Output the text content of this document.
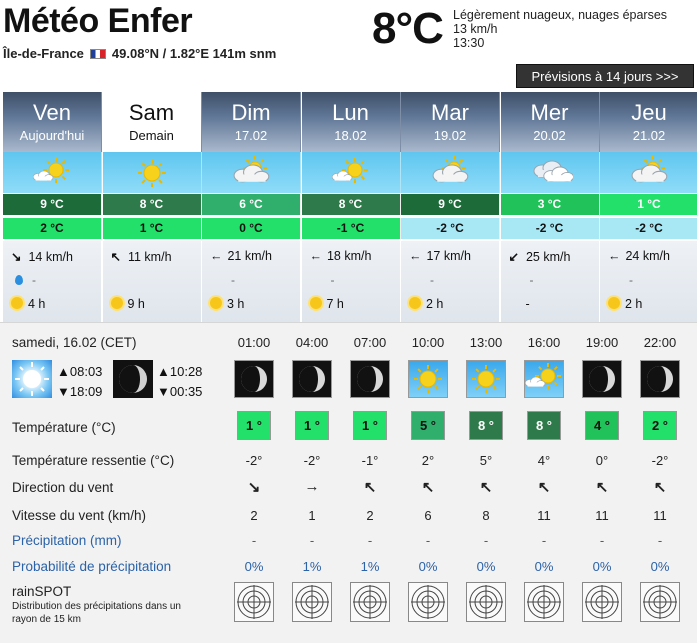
Météo Enfer
Île-de-France 49.08°N / 1.82°E 141m snm
8°C Légèrement nuageux, nuages éparses
13 km/h
13:30
Prévisions à 14 jours >>>
Ven
Aujourd'hui
9 °C
2 °C
↘ 14 km/h
-
4 h
Sam
Demain
8 °C
1 °C
↖ 11 km/h
9 h
Dim
17.02
6 °C
0 °C
← 21 km/h
-
3 h
Lun
18.02
8 °C
-1 °C
← 18 km/h
-
7 h
Mar
19.02
9 °C
-2 °C
← 17 km/h
-
2 h
Mer
20.02
3 °C
-2 °C
↙ 25 km/h
-
-
Jeu
21.02
1 °C
-2 °C
← 24 km/h
-
2 h
samedi, 16.02 (CET)
▲08:03
▼18:09
▲10:28
▼00:35
Température (°C)
Température ressentie (°C)
Direction du vent
Vitesse du vent (km/h)
Précipitation (mm)
Probabilité de précipitation
rainSPOT
Distribution des précipitations dans un
rayon de 15 km
01:00
1 °
-2°
↘
2
-
0%
04:00
1 °
-2°
→
1
-
1%
07:00
1 °
-1°
↖
2
-
1%
10:00
5 °
2°
↖
6
-
0%
13:00
8 °
5°
↖
8
-
0%
16:00
8 °
4°
↖
11
-
0%
19:00
4 °
0°
↖
11
-
0%
22:00
2 °
-2°
↖
11
-
0%
